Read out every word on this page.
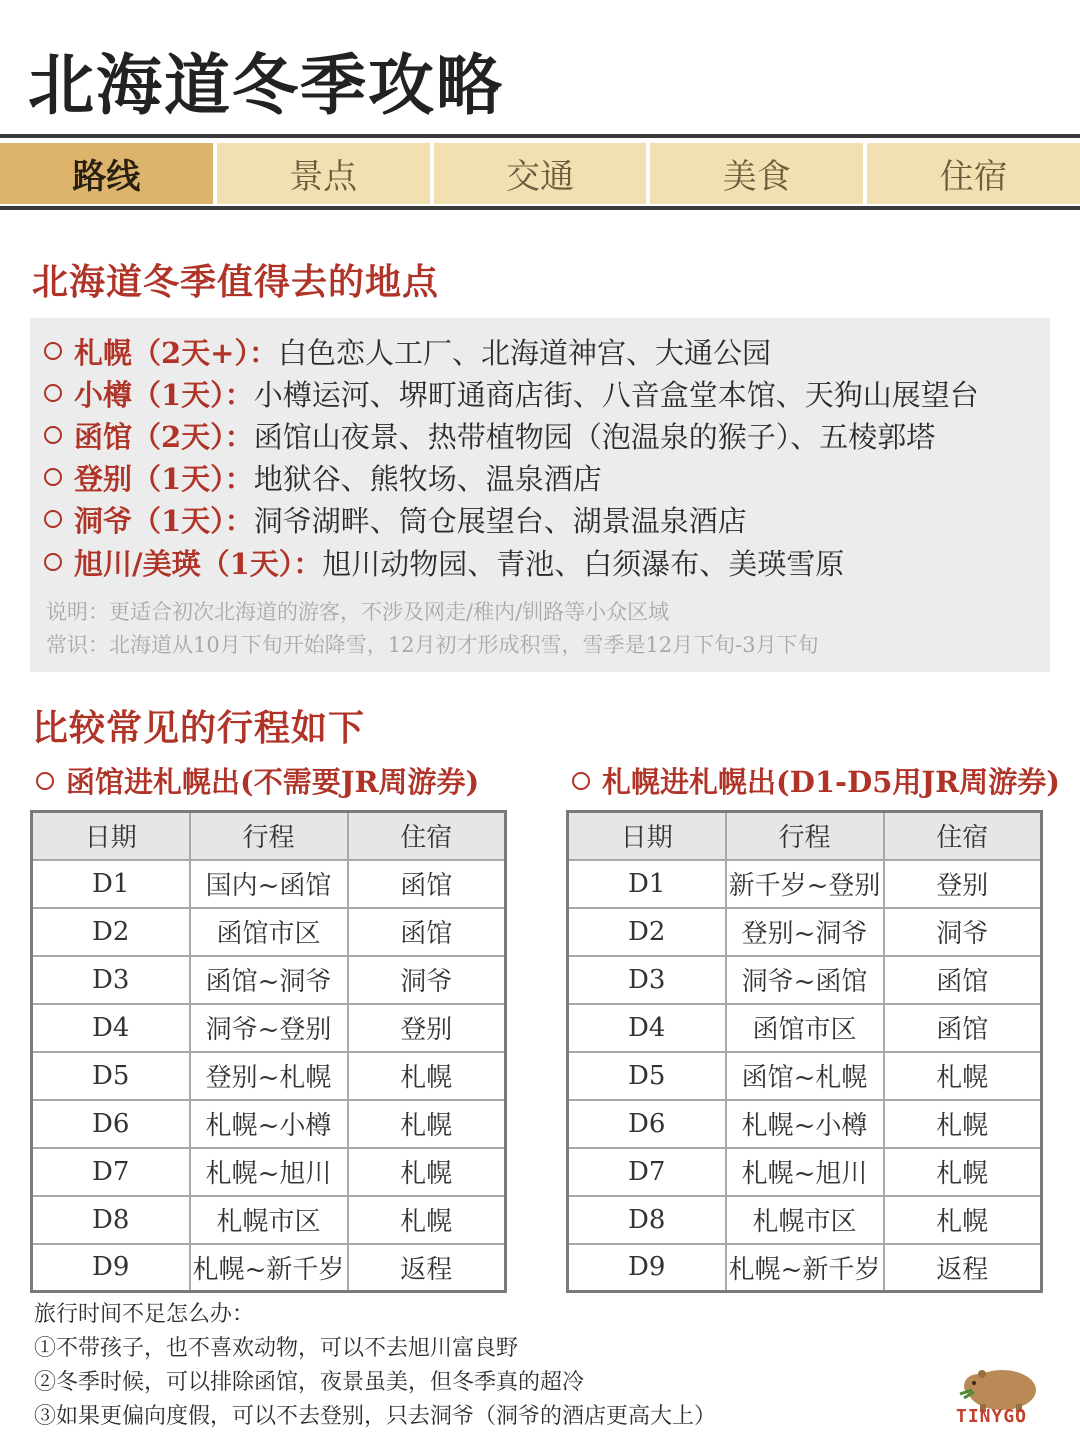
北海道冬季攻略
路线	景点	交通	美食	住宿
北海道冬季值得去的地点
札幌（2天+）： 白色恋人工厂、北海道神宫、大通公园
小樽（1天）： 小樽运河、堺町通商店街、八音盒堂本馆、天狗山展望台
函馆（2天）： 函馆山夜景、热带植物园（泡温泉的猴子）、五棱郭塔
登别（1天）： 地狱谷、熊牧场、温泉酒店
洞爷（1天）： 洞爷湖畔、筒仓展望台、湖景温泉酒店
旭川/美瑛（1天）： 旭川动物园、青池、白须瀑布、美瑛雪原
说明：更适合初次北海道的游客，不涉及网走/稚内/钏路等小众区域
常识：北海道从10月下旬开始降雪，12月初才形成积雪，雪季是12月下旬-3月下旬
比较常见的行程如下
函馆进札幌出(不需要JR周游券)	札幌进札幌出(D1-D5用JR周游券)
日期	行程	住宿
D1	国内~函馆	函馆
D2	函馆市区	函馆
D3	函馆~洞爷	洞爷
D4	洞爷~登别	登别
D5	登别~札幌	札幌
D6	札幌~小樽	札幌
D7	札幌~旭川	札幌
D8	札幌市区	札幌
D9	札幌~新千岁	返程
日期	行程	住宿
D1	新千岁~登别	登别
D2	登别~洞爷	洞爷
D3	洞爷~函馆	函馆
D4	函馆市区	函馆
D5	函馆~札幌	札幌
D6	札幌~小樽	札幌
D7	札幌~旭川	札幌
D8	札幌市区	札幌
D9	札幌~新千岁	返程
旅行时间不足怎么办：
①不带孩子，也不喜欢动物，可以不去旭川富良野
②冬季时候，可以排除函馆，夜景虽美，但冬季真的超冷
③如果更偏向度假，可以不去登别，只去洞爷（洞爷的酒店更高大上）	TINYGO
